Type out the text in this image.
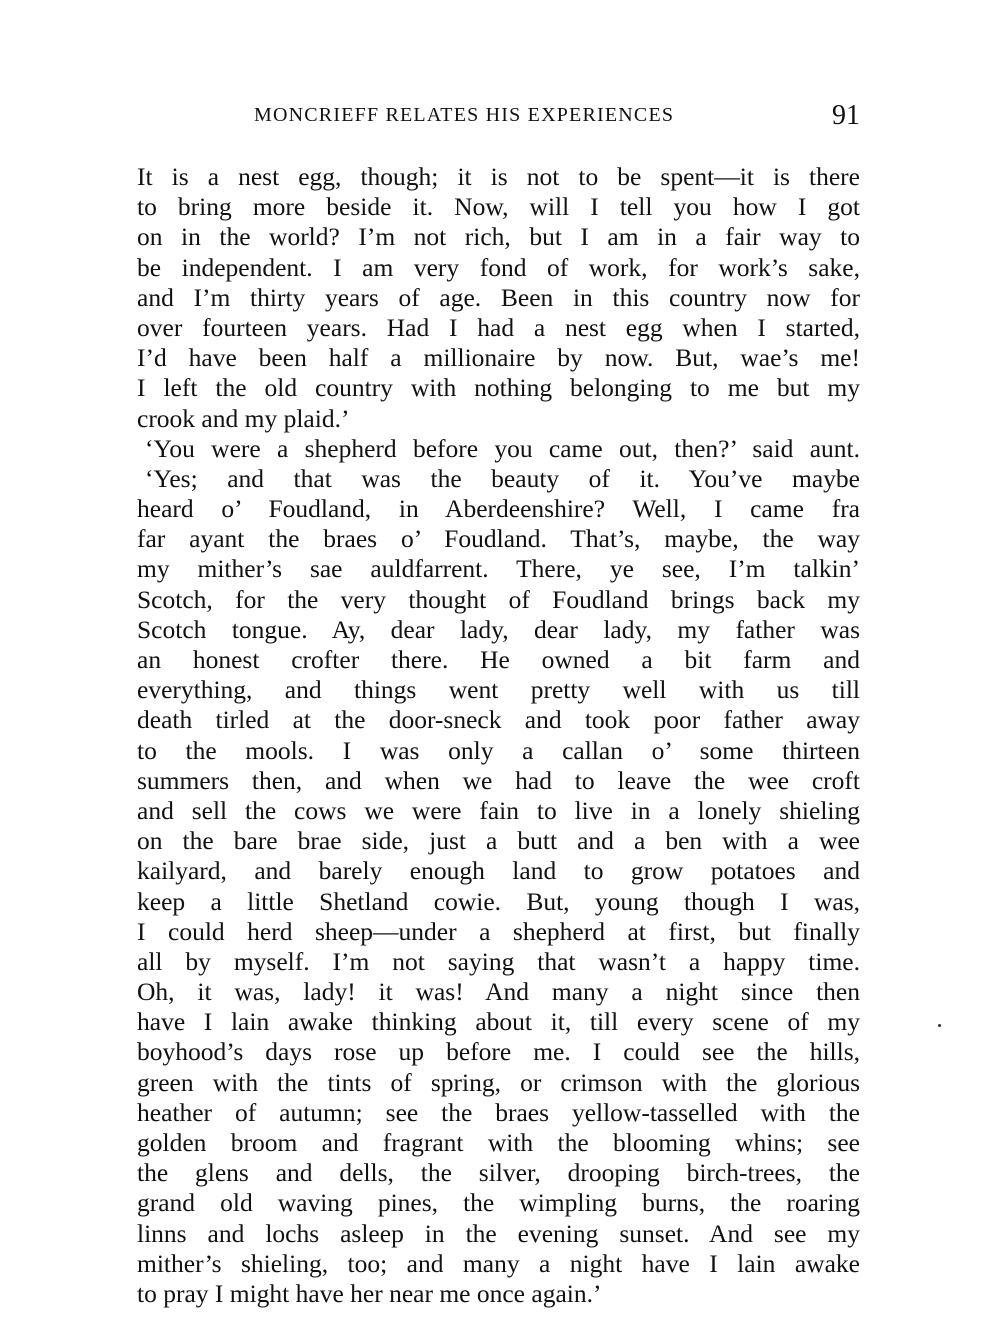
MONCRIEFF RELATES HIS EXPERIENCES	91
It is a nest egg, though; it is not to be spent—it is there
to bring more beside it. Now, will I tell you how I got
on in the world? I’m not rich, but I am in a fair way to
be independent. I am very fond of work, for work’s sake,
and I’m thirty years of age. Been in this country now for
over fourteen years. Had I had a nest egg when I started,
I’d have been half a millionaire by now. But, wae’s me!
I left the old country with nothing belonging to me but my
crook and my plaid.’
‘You were a shepherd before you came out, then?’ said aunt.
‘Yes; and that was the beauty of it. You’ve maybe
heard o’ Foudland, in Aberdeenshire? Well, I came fra
far ayant the braes o’ Foudland. That’s, maybe, the way
my mither’s sae auldfarrent. There, ye see, I’m talkin’
Scotch, for the very thought of Foudland brings back my
Scotch tongue. Ay, dear lady, dear lady, my father was
an honest crofter there. He owned a bit farm and
everything, and things went pretty well with us till
death tirled at the door-sneck and took poor father away
to the mools. I was only a callan o’ some thirteen
summers then, and when we had to leave the wee croft
and sell the cows we were fain to live in a lonely shieling
on the bare brae side, just a butt and a ben with a wee
kailyard, and barely enough land to grow potatoes and
keep a little Shetland cowie. But, young though I was,
I could herd sheep—under a shepherd at first, but finally
all by myself. I’m not saying that wasn’t a happy time.
Oh, it was, lady! it was! And many a night since then
have I lain awake thinking about it, till every scene of my
boyhood’s days rose up before me. I could see the hills,
green with the tints of spring, or crimson with the glorious
heather of autumn; see the braes yellow-tasselled with the
golden broom and fragrant with the blooming whins; see
the glens and dells, the silver, drooping birch-trees, the
grand old waving pines, the wimpling burns, the roaring
linns and lochs asleep in the evening sunset. And see my
mither’s shieling, too; and many a night have I lain awake
to pray I might have her near me once again.’
